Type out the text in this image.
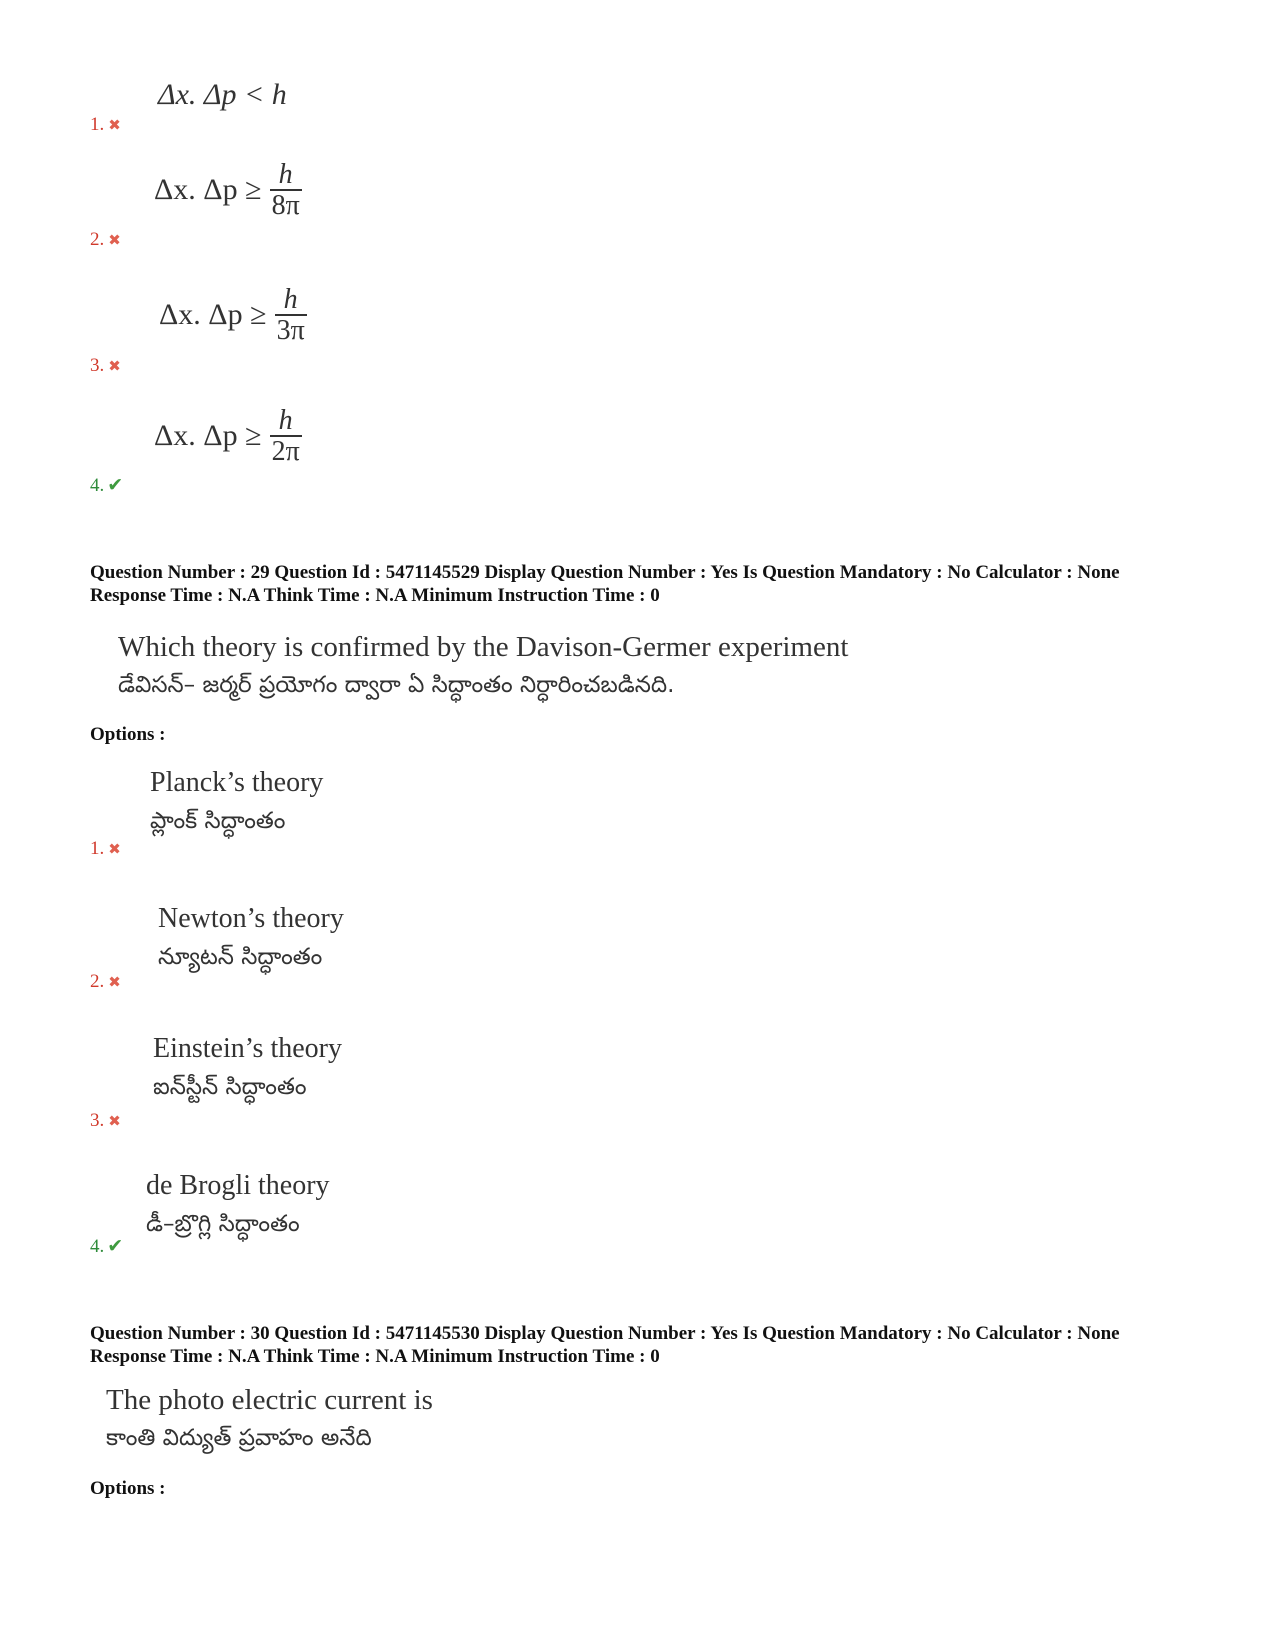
Δx. Δp < h
1. ✖
Δx. $\Delta p \ge \frac{h}{8\pi}$
2. ✖
Δx. $\Delta p \ge \frac{h}{3\pi}$
3. ✖
Δx. $\Delta p \ge \frac{h}{2\pi}$
4. ✔
Question Number : 29 Question Id : 5471145529 Display Question Number : Yes Is Question Mandatory : No Calculator : None Response Time : N.A Think Time : N.A Minimum Instruction Time : 0
Which theory is confirmed by the Davison-Germer experiment
డేవిసన్– జర్మర్ ప్రయోగం ద్వారా ఏ సిద్ధాంతం నిర్ధారించబడినది.
Options :
Planck’s theory
ప్లాంక్ సిద్ధాంతం
1. ✖
Newton’s theory
న్యూటన్ సిద్ధాంతం
2. ✖
Einstein’s theory
ఐన్‌స్టీన్ సిద్ధాంతం
3. ✖
de Brogli theory
డీ–బ్రొగ్లి సిద్ధాంతం
4. ✔
Question Number : 30 Question Id : 5471145530 Display Question Number : Yes Is Question Mandatory : No Calculator : None Response Time : N.A Think Time : N.A Minimum Instruction Time : 0
The photo electric current is
కాంతి విద్యుత్ ప్రవాహం అనేది
Options :
